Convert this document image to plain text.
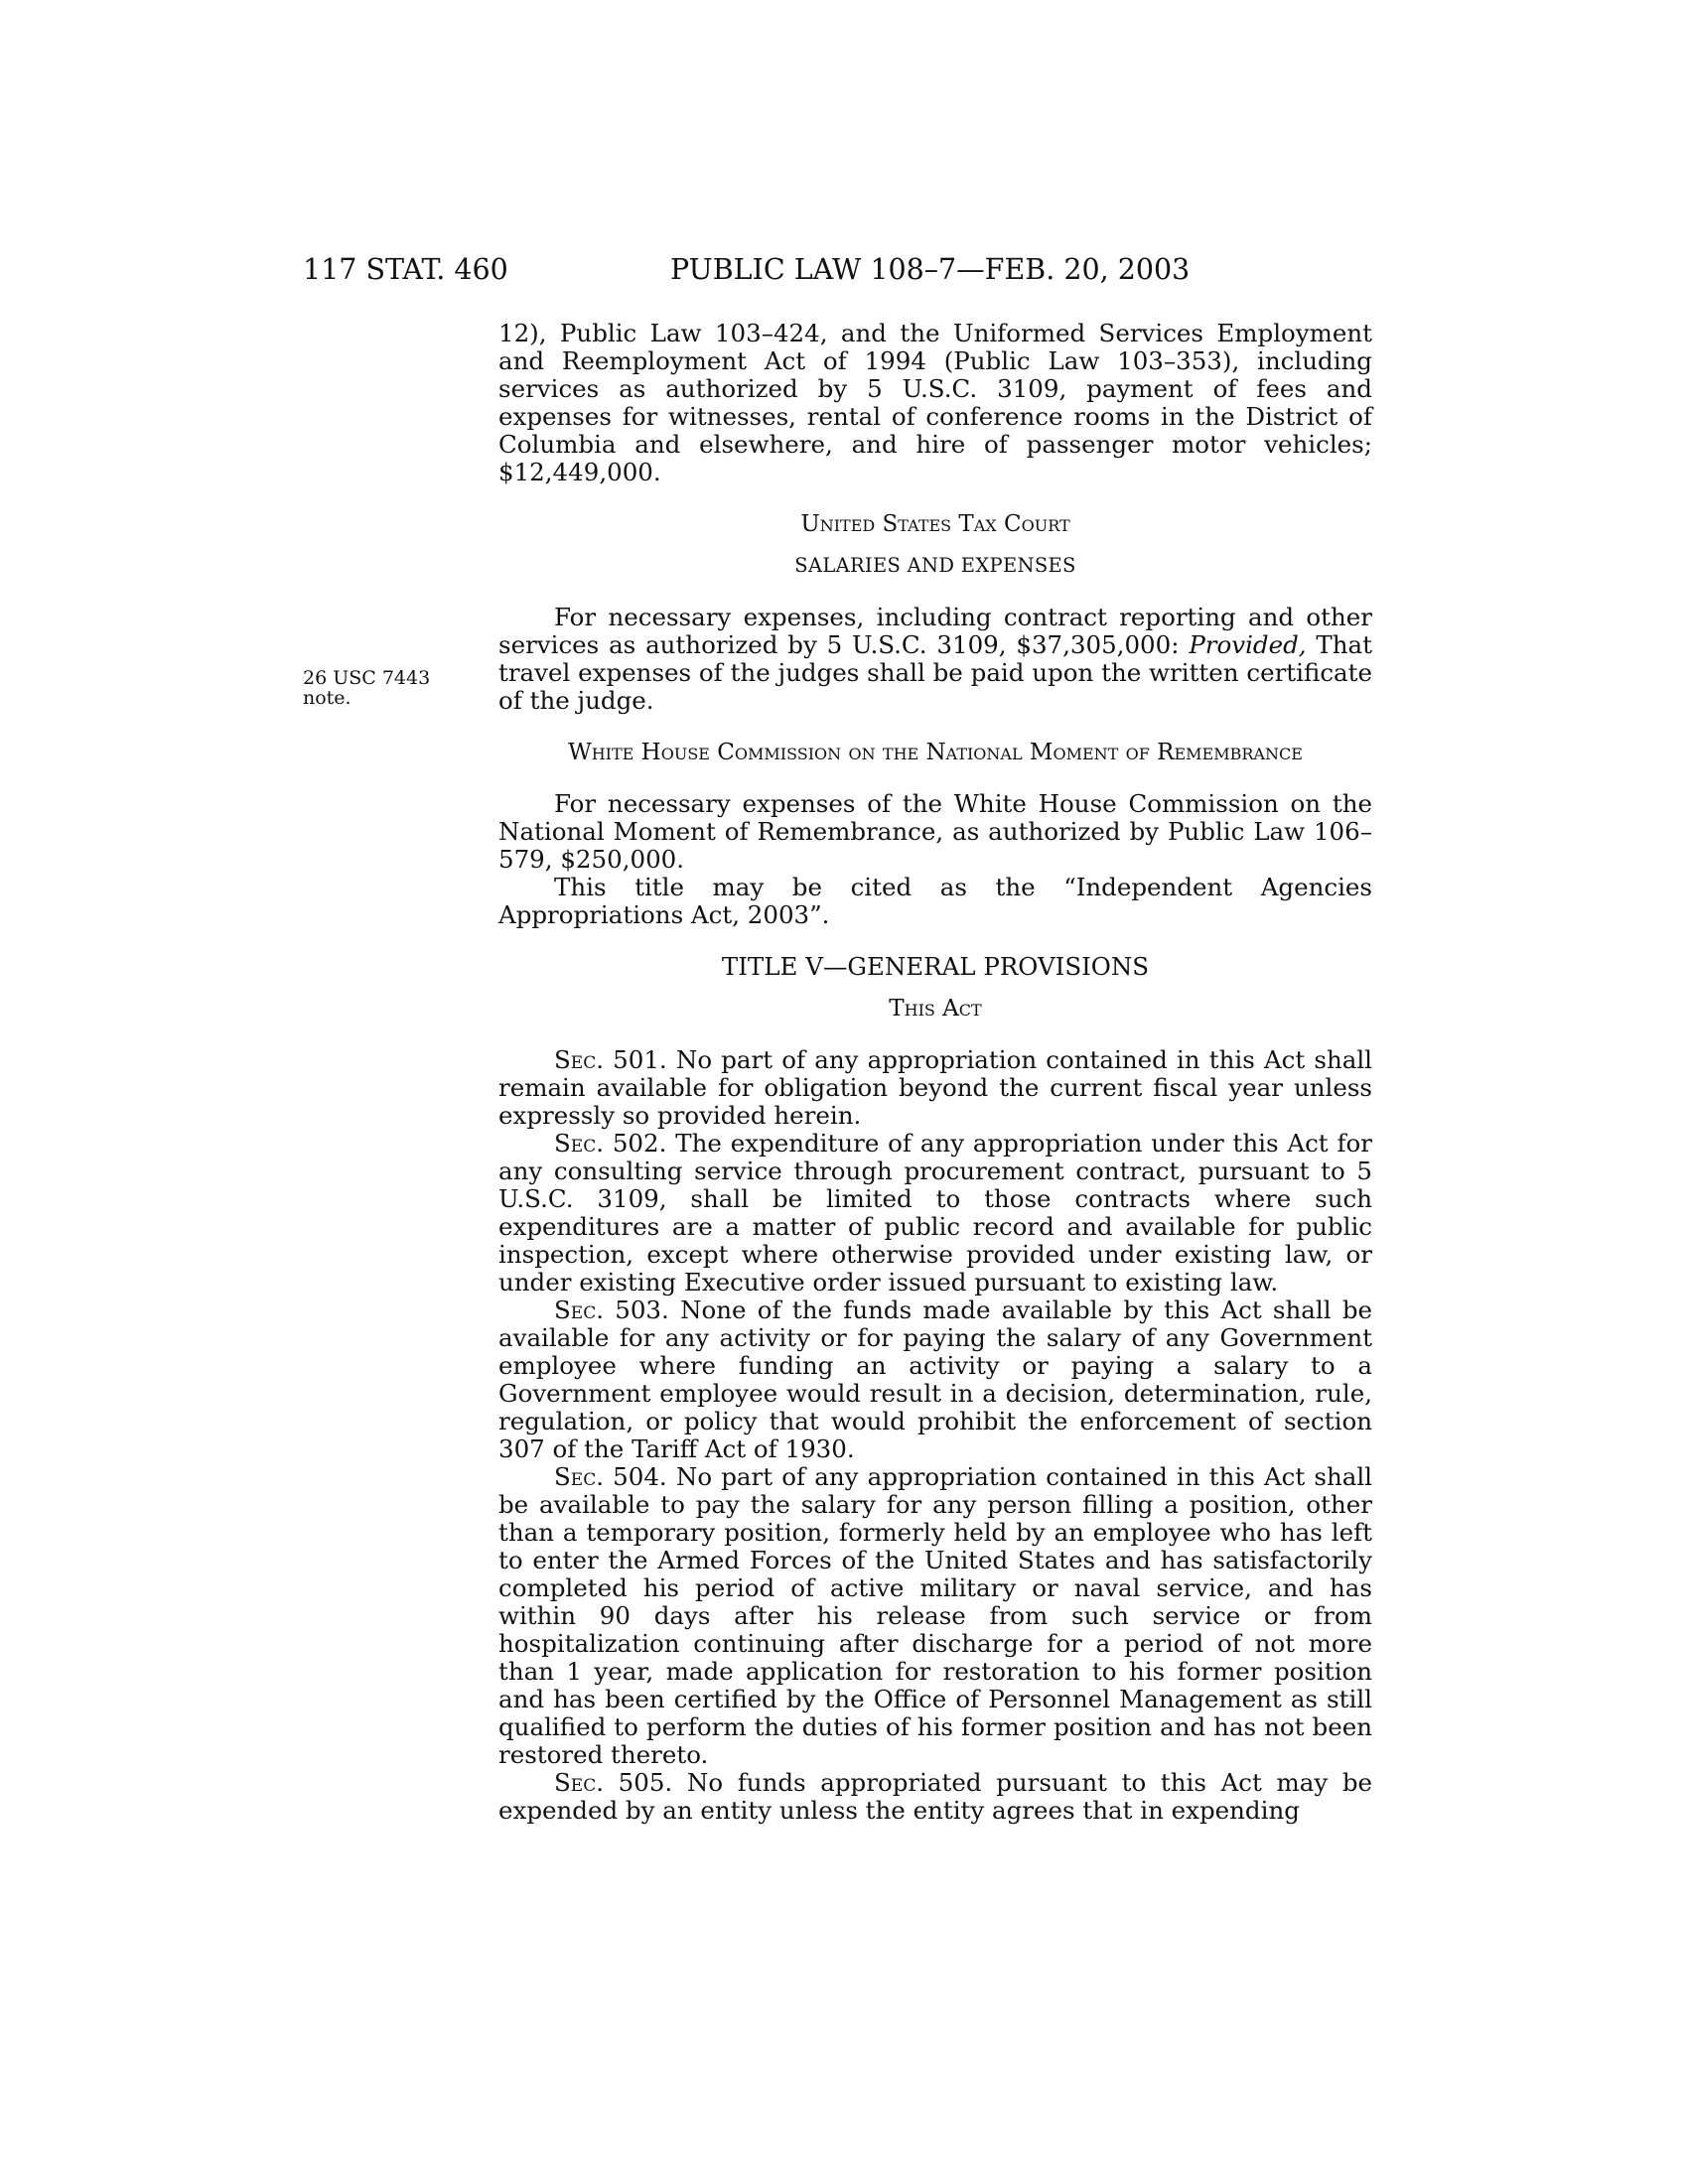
117 STAT. 460	PUBLIC LAW 108–7—FEB. 20, 2003
26 USC 7443
note.

12), Public Law 103–424, and the Uniformed Services Employment and Reemployment Act of 1994 (Public Law 103–353), including services as authorized by 5 U.S.C. 3109, payment of fees and expenses for witnesses, rental of conference rooms in the District of Columbia and elsewhere, and hire of passenger motor vehicles; $12,449,000.

United States Tax Court

SALARIES AND EXPENSES

For necessary expenses, including contract reporting and other services as authorized by 5 U.S.C. 3109, $37,305,000: Provided, That travel expenses of the judges shall be paid upon the written certificate of the judge.

White House Commission on the National Moment of Remembrance

For necessary expenses of the White House Commission on the National Moment of Remembrance, as authorized by Public Law 106–579, $250,000.

This title may be cited as the “Independent Agencies Appropriations Act, 2003”.

TITLE V—GENERAL PROVISIONS

This Act

Sec. 501. No part of any appropriation contained in this Act shall remain available for obligation beyond the current fiscal year unless expressly so provided herein.

Sec. 502. The expenditure of any appropriation under this Act for any consulting service through procurement contract, pursuant to 5 U.S.C. 3109, shall be limited to those contracts where such expenditures are a matter of public record and available for public inspection, except where otherwise provided under existing law, or under existing Executive order issued pursuant to existing law.

Sec. 503. None of the funds made available by this Act shall be available for any activity or for paying the salary of any Government employee where funding an activity or paying a salary to a Government employee would result in a decision, determination, rule, regulation, or policy that would prohibit the enforcement of section 307 of the Tariff Act of 1930.

Sec. 504. No part of any appropriation contained in this Act shall be available to pay the salary for any person filling a position, other than a temporary position, formerly held by an employee who has left to enter the Armed Forces of the United States and has satisfactorily completed his period of active military or naval service, and has within 90 days after his release from such service or from hospitalization continuing after discharge for a period of not more than 1 year, made application for restoration to his former position and has been certified by the Office of Personnel Management as still qualified to perform the duties of his former position and has not been restored thereto.

Sec. 505. No funds appropriated pursuant to this Act may be expended by an entity unless the entity agrees that in expending
